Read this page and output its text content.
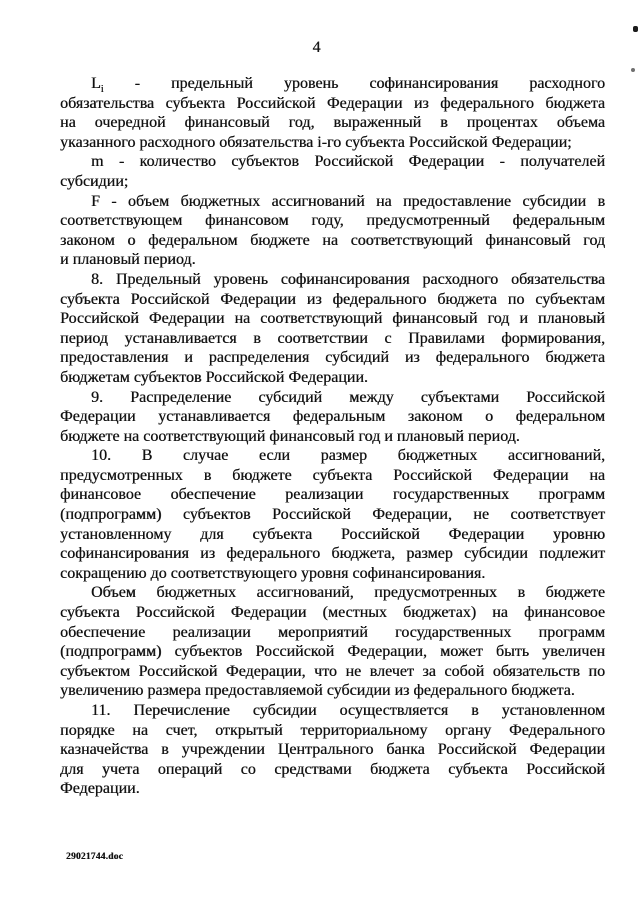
4
$L_i$ - предельный уровень софинансирования расходного
обязательства субъекта Российской Федерации из федерального бюджета
на очередной финансовый год, выраженный в процентах объема
указанного расходного обязательства i-го субъекта Российской Федерации;
m - количество субъектов Российской Федерации - получателей
субсидии;
F - объем бюджетных ассигнований на предоставление субсидии в
соответствующем финансовом году, предусмотренный федеральным
законом о федеральном бюджете на соответствующий финансовый год
и плановый период.
8. Предельный уровень софинансирования расходного обязательства
субъекта Российской Федерации из федерального бюджета по субъектам
Российской Федерации на соответствующий финансовый год и плановый
период устанавливается в соответствии с Правилами формирования,
предоставления и распределения субсидий из федерального бюджета
бюджетам субъектов Российской Федерации.
9. Распределение субсидий между субъектами Российской
Федерации устанавливается федеральным законом о федеральном
бюджете на соответствующий финансовый год и плановый период.
10. В случае если размер бюджетных ассигнований,
предусмотренных в бюджете субъекта Российской Федерации на
финансовое обеспечение реализации государственных программ
(подпрограмм) субъектов Российской Федерации, не соответствует
установленному для субъекта Российской Федерации уровню
софинансирования из федерального бюджета, размер субсидии подлежит
сокращению до соответствующего уровня софинансирования.
Объем бюджетных ассигнований, предусмотренных в бюджете
субъекта Российской Федерации (местных бюджетах) на финансовое
обеспечение реализации мероприятий государственных программ
(подпрограмм) субъектов Российской Федерации, может быть увеличен
субъектом Российской Федерации, что не влечет за собой обязательств по
увеличению размера предоставляемой субсидии из федерального бюджета.
11. Перечисление субсидии осуществляется в установленном
порядке на счет, открытый территориальному органу Федерального
казначейства в учреждении Центрального банка Российской Федерации
для учета операций со средствами бюджета субъекта Российской
Федерации.
29021744.doc
